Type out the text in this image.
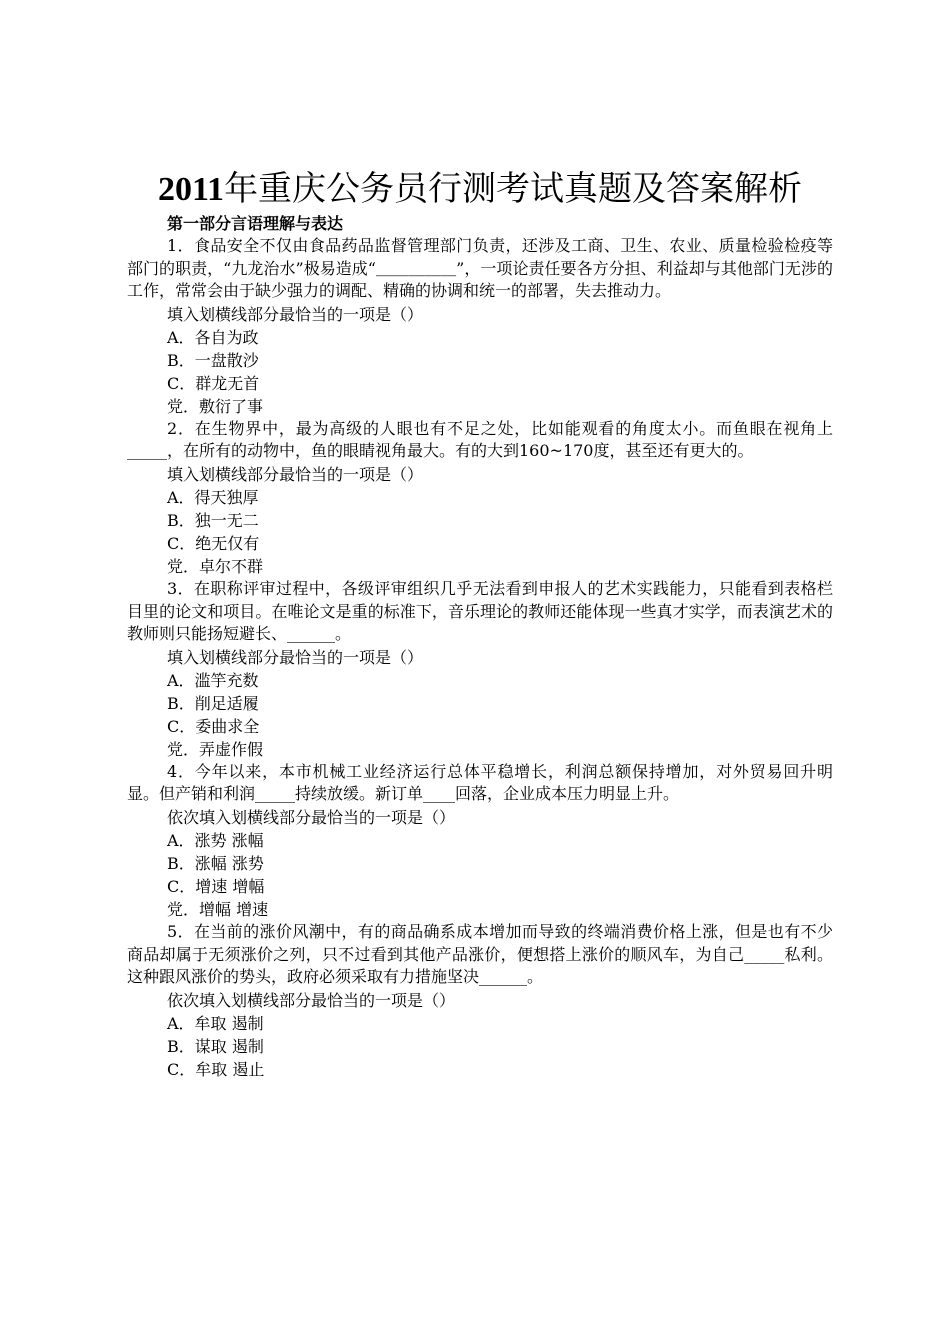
2011年重庆公务员行测考试真题及答案解析
第一部分言语理解与表达

1．食品安全不仅由食品药品监督管理部门负责，还涉及工商、卫生、农业、质量检验检疫等部门的职责，“九龙治水”极易造成“＿＿＿＿＿”，一项论责任要各方分担、利益却与其他部门无涉的工作，常常会由于缺少强力的调配、精确的协调和统一的部署，失去推动力。

填入划横线部分最恰当的一项是（）

A．各自为政

B．一盘散沙

C．群龙无首

党．敷衍了事

2．在生物界中，最为高级的人眼也有不足之处，比如能观看的角度太小。而鱼眼在视角上_____，在所有的动物中，鱼的眼睛视角最大。有的大到160~170度，甚至还有更大的。

填入划横线部分最恰当的一项是（）

A．得天独厚

B．独一无二

C．绝无仅有

党．卓尔不群

3．在职称评审过程中，各级评审组织几乎无法看到申报人的艺术实践能力，只能看到表格栏目里的论文和项目。在唯论文是重的标准下，音乐理论的教师还能体现一些真才实学，而表演艺术的教师则只能扬短避长、______。

填入划横线部分最恰当的一项是（）

A．滥竽充数

B．削足适履

C．委曲求全

党．弄虚作假

4．今年以来，本市机械工业经济运行总体平稳增长，利润总额保持增加，对外贸易回升明显。但产销和利润_____持续放缓。新订单____回落，企业成本压力明显上升。

依次填入划横线部分最恰当的一项是（）

A．涨势 涨幅

B．涨幅 涨势

C．增速 增幅

党．增幅 增速

5．在当前的涨价风潮中，有的商品确系成本增加而导致的终端消费价格上涨，但是也有不少商品却属于无须涨价之列，只不过看到其他产品涨价，便想搭上涨价的顺风车，为自己_____私利。这种跟风涨价的势头，政府必须采取有力措施坚决______。

依次填入划横线部分最恰当的一项是（）

A．牟取 遏制

B．谋取 遏制

C．牟取 遏止
